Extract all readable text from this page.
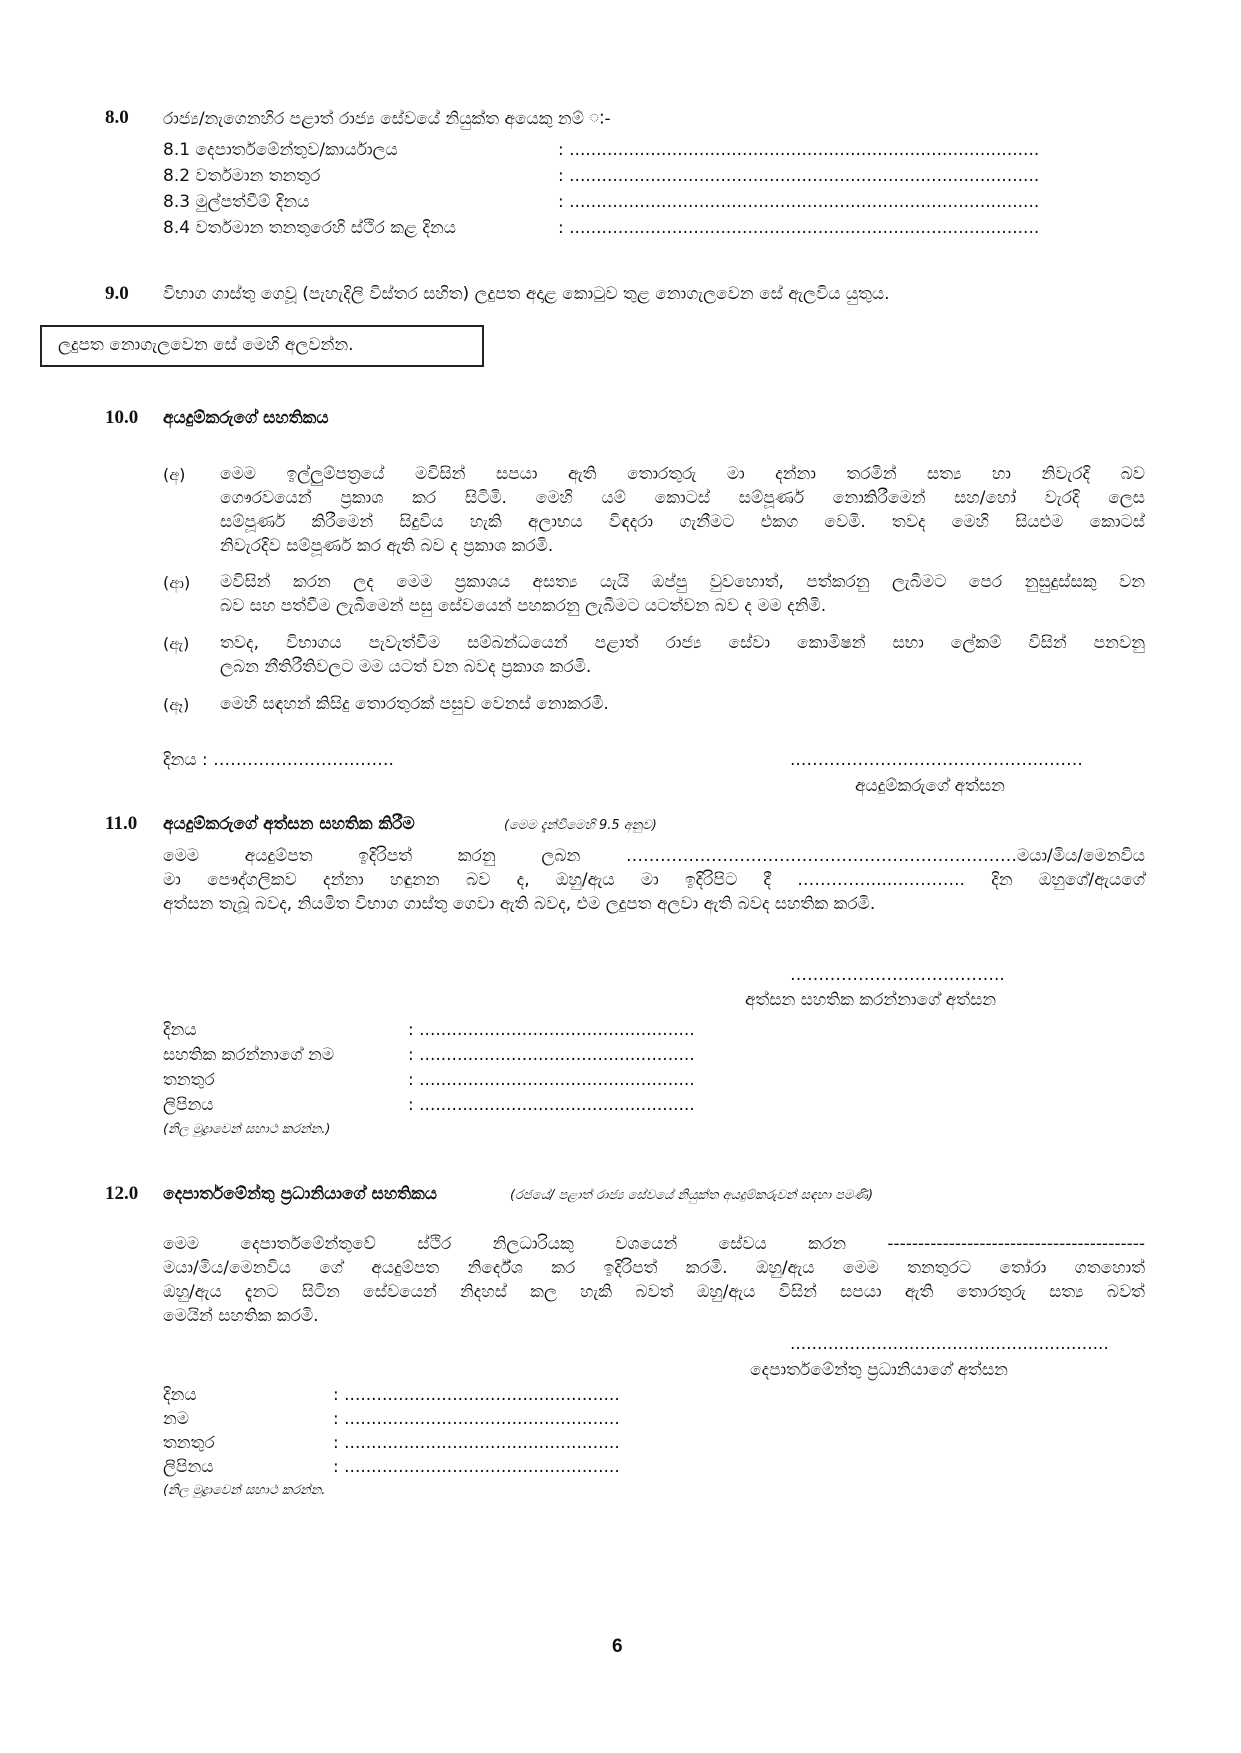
8.0 රාජ්‍ය/නැගෙනහිර පළාත් රාජ්‍ය සේවයේ නියුක්ත අයෙකු නම් ៈ-
8.1 දෙපාර්තමේන්තුව/කාර්යාලය	: .......................................................................................
8.2 වර්තමාන තනතුර	: .......................................................................................
8.3 මුල්පත්වීම් දිනය	: .......................................................................................
8.4 වර්තමාන තනතුරෙහි ස්ථිර කළ දිනය	: .......................................................................................
9.0 විභාග ගාස්තු ගෙවූ (පැහැදිලි විස්තර සහිත) ලදුපත අදාළ කොටුව තුළ නොගැලවෙන සේ ඇලවිය යුතුය.
ලදුපත නොගැලවෙන සේ මෙහි අලවන්න.
10.0 අයදුම්කරුගේ සහතිකය
(අ) මෙම ඉල්ලුම්පත්‍රයේ මවිසින් සපයා ඇති තොරතුරු මා දන්නා තරමින් සත්‍ය හා නිවැරදි බව
ගෞරවයෙන් ප්‍රකාශ කර සිටිමි. මෙහි යම් කොටස් සම්පූර්ණ නොකිරීමෙන් සහ/හෝ වැරදි ලෙස
සම්පූර්ණ කිරීමෙන් සිදුවිය හැකි අලාභය විඳදරා ගැනීමට එකග වෙමි. තවද මෙහි සියළුම කොටස්
නිවැරදිව සම්පූර්ණ කර ඇති බව ද ප්‍රකාශ කරමි.
(ආ) මවිසින් කරන ලද මෙම ප්‍රකාශය අසත්‍ය යැයි ඔප්පු වුවහොත්, පත්කරනු ලැබීමට පෙර නුසුදුස්සකු වන
බව සහ පත්වීම ලැබීමෙන් පසු සේවයෙන් පහකරනු ලැබීමට යටත්වන බව ද මම දනිමි.
(ඇ) තවද, විභාගය පැවැත්වීම සම්බන්ධයෙන් පළාත් රාජ්‍ය සේවා කොමිෂන් සභා ලේකම් විසින් පනවනු
ලබන නීතිරීතිවලට මම යටත් වන බවද ප්‍රකාශ කරමි.
(ඈ) මෙහි සඳහන් කිසිදු තොරතුරක් පසුව වෙනස් නොකරමි.
දිනය : …………………….…….	..………………..…………………..…….
අයදුම්කරුගේ අත්සන
11.0 අයදුම්කරුගේ අත්සන සහතික කිරීම	(මෙම දැන්වීමෙහි 9.5 අනුව)
මෙම අයදුම්පත ඉදිරිපත් කරනු ලබන ……………………………………………………………මයා/මිය/මෙනවිය
මා පෞද්ගලිකව දන්නා හඳුනන බව ද, ඔහු/ඇය මා ඉදිරිපිට දී ………….......……….. දින ඔහුගේ/ඇයගේ
අත්සන තැබූ බවද, නියමිත විභාග ගාස්තු ගෙවා ඇති බවද, එම ලදුපත අලවා ඇති බවද සහතික කරමි.
………………………………..
අත්සන සහතික කරන්නාගේ අත්සන
දිනය	: ...................................................
සහතික කරන්නාගේ නම	: ...................................................
තනතුර	: ...................................................
ලිපිනය	: ...................................................
(නිල මුද්‍රාවෙන් සහාථ කරන්න.)
12.0 දෙපාර්තමේන්තු ප්‍රධානියාගේ සහතිකය	(රජයේ/ පළාත් රාජ්‍ය සේවයේ නියුක්ත අයදුම්කරුවන් සඳහා පමණි)
මෙම දෙපාර්තමේන්තුවේ ස්ථිර නිලධාරියකු වශයෙන් සේවය කරන ------------------------------------------
මයා/මිය/මෙනවිය ගේ අයදුම්පත නිර්දේශ කර ඉදිරිපත් කරමි. ඔහු/ඇය මෙම තනතුරට තෝරා ගතහොත්
ඔහු/ඇය දැනට සිටින සේවයෙන් නිදහස් කල හැකි බවත් ඔහු/ඇය විසින් සපයා ඇති තොරතුරු සත්‍ය බවත්
මෙයින් සහතික කරමි.
...........................................................
දෙපාර්තමේන්තු ප්‍රධානියාගේ අත්සන
දිනය	: ...................................................
නම	: ...................................................
තනතුර	: ...................................................
ලිපිනය	: ...................................................
(නිල මුද්‍රාවෙන් සහාථ කරන්න.
6
